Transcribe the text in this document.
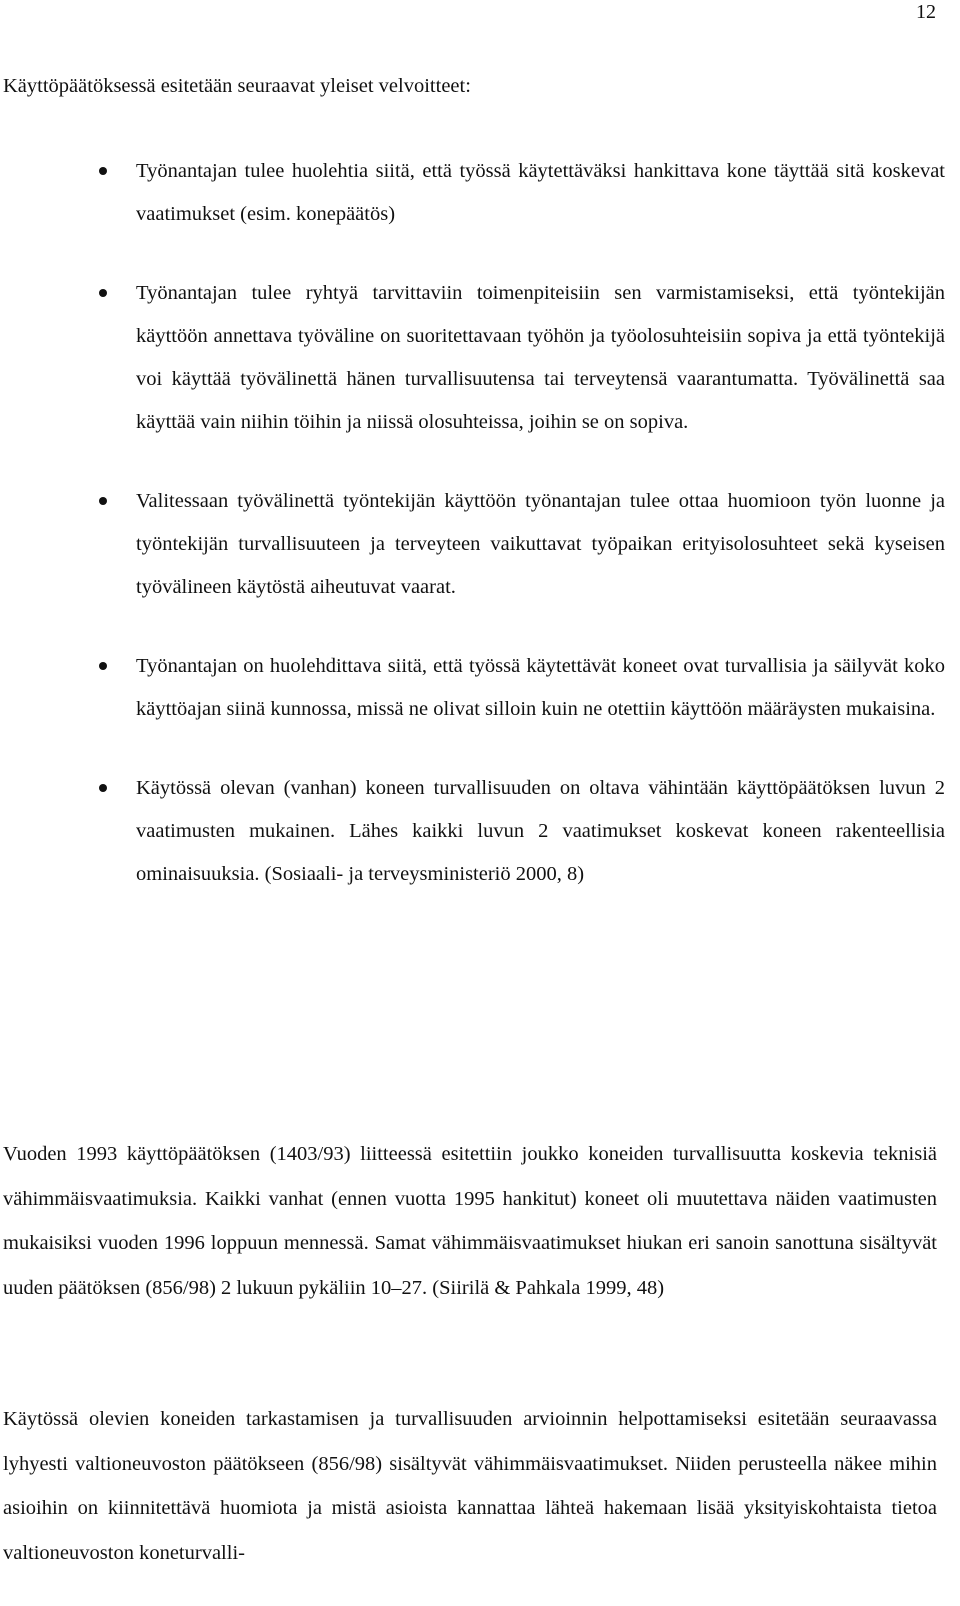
12

Käyttöpäätöksessä esitetään seuraavat yleiset velvoitteet:

Työnantajan tulee huolehtia siitä, että työssä käytettäväksi hankittava kone täyttää sitä koskevat vaatimukset (esim. konepäätös)
Työnantajan tulee ryhtyä tarvittaviin toimenpiteisiin sen varmistamiseksi, että työntekijän käyttöön annettava työväline on suoritettavaan työhön ja työolosuhteisiin sopiva ja että työntekijä voi käyttää työvälinettä hänen turvallisuutensa tai terveytensä vaarantumatta. Työvälinettä saa käyttää vain niihin töihin ja niissä olosuhteissa, joihin se on sopiva.
Valitessaan työvälinettä työntekijän käyttöön työnantajan tulee ottaa huomioon työn luonne ja työntekijän turvallisuuteen ja terveyteen vaikuttavat työpaikan erityisolosuhteet sekä kyseisen työvälineen käytöstä aiheutuvat vaarat.
Työnantajan on huolehdittava siitä, että työssä käytettävät koneet ovat turvallisia ja säilyvät koko käyttöajan siinä kunnossa, missä ne olivat silloin kuin ne otettiin käyttöön määräysten mukaisina.
Käytössä olevan (vanhan) koneen turvallisuuden on oltava vähintään käyttöpäätöksen luvun 2 vaatimusten mukainen. Lähes kaikki luvun 2 vaatimukset koskevat koneen rakenteellisia ominaisuuksia. (Sosiaali- ja terveysministeriö 2000, 8)

Vuoden 1993 käyttöpäätöksen (1403/93) liitteessä esitettiin joukko koneiden turvallisuutta koskevia teknisiä vähimmäisvaatimuksia. Kaikki vanhat (ennen vuotta 1995 hankitut) koneet oli muutettava näiden vaatimusten mukaisiksi vuoden 1996 loppuun mennessä. Samat vähimmäisvaatimukset hiukan eri sanoin sanottuna sisältyvät uuden päätöksen (856/98) 2 lukuun pykäliin 10–27. (Siirilä & Pahkala 1999, 48)

Käytössä olevien koneiden tarkastamisen ja turvallisuuden arvioinnin helpottamiseksi esitetään seuraavassa lyhyesti valtioneuvoston päätökseen (856/98) sisältyvät vähimmäisvaatimukset. Niiden perusteella näkee mihin asioihin on kiinnitettävä huomiota ja mistä asioista kannattaa lähteä hakemaan lisää yksityiskohtaista tietoa valtioneuvoston koneturvalli-
